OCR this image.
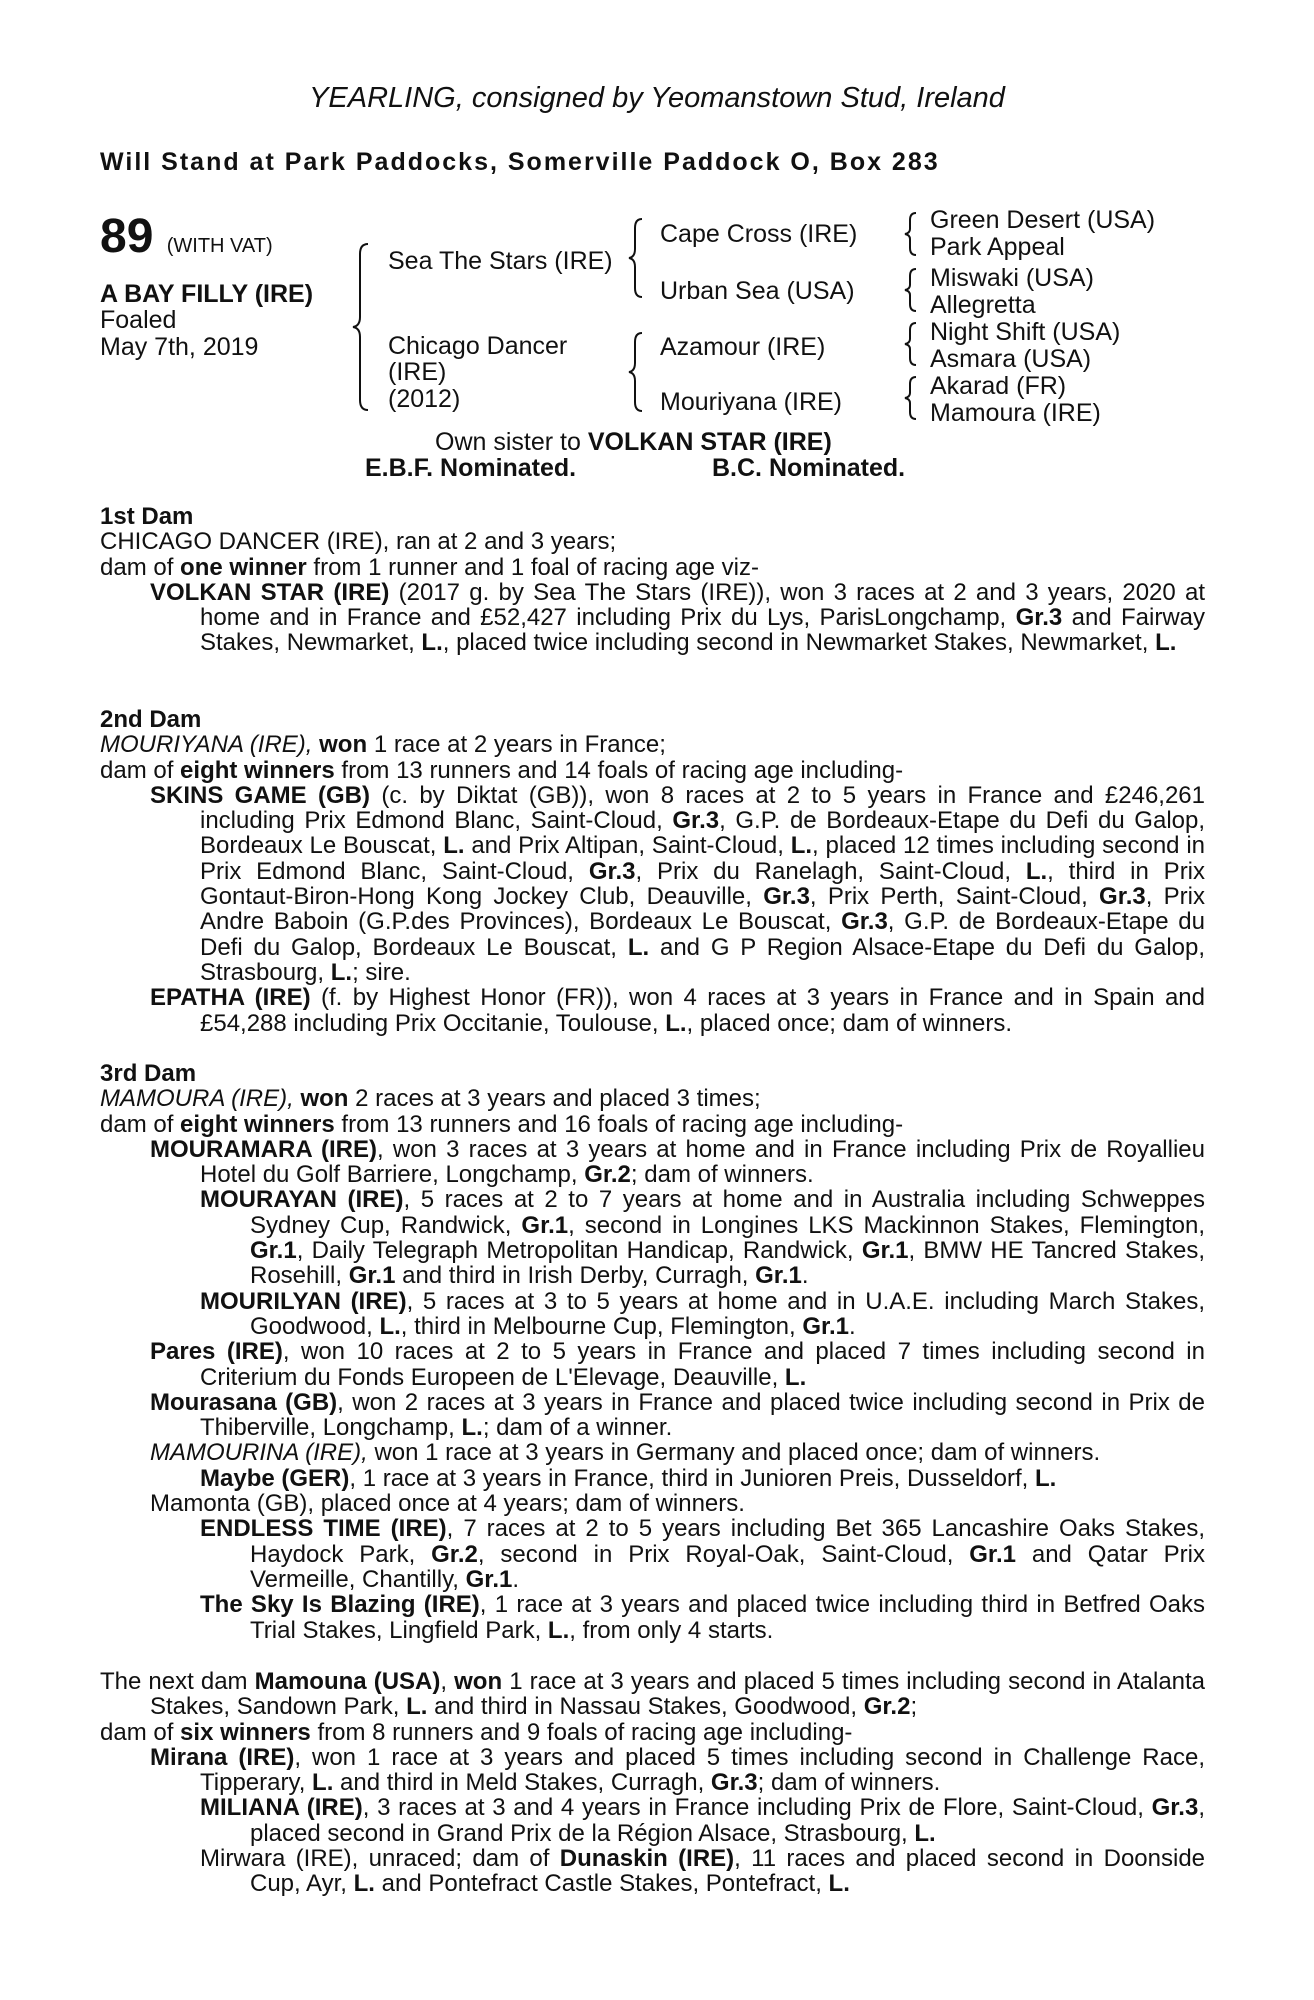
YEARLING, consigned by Yeomanstown Stud, Ireland
Will Stand at Park Paddocks, Somerville Paddock O, Box 283
89 (WITH VAT)
A BAY FILLY (IRE)
Foaled
May 7th, 2019
Sea The Stars (IRE)
Chicago Dancer
(IRE)
(2012)
Cape Cross (IRE)
Urban Sea (USA)
Azamour (IRE)
Mouriyana (IRE)
Green Desert (USA)
Park Appeal
Miswaki (USA)
Allegretta
Night Shift (USA)
Asmara (USA)
Akarad (FR)
Mamoura (IRE)
Own sister to VOLKAN STAR (IRE)
E.B.F. Nominated.	B.C. Nominated.
1st Dam
CHICAGO DANCER (IRE), ran at 2 and 3 years;
dam of one winner from 1 runner and 1 foal of racing age viz-
VOLKAN STAR (IRE) (2017 g. by Sea The Stars (IRE)), won 3 races at 2 and 3 years, 2020 at home and in France and £52,427 including Prix du Lys, ParisLongchamp, Gr.3 and Fairway Stakes, Newmarket, L., placed twice including second in Newmarket Stakes, Newmarket, L.
2nd Dam
MOURIYANA (IRE), won 1 race at 2 years in France;
dam of eight winners from 13 runners and 14 foals of racing age including-
SKINS GAME (GB) (c. by Diktat (GB)), won 8 races at 2 to 5 years in France and £246,261 including Prix Edmond Blanc, Saint-Cloud, Gr.3, G.P. de Bordeaux-Etape du Defi du Galop, Bordeaux Le Bouscat, L. and Prix Altipan, Saint-Cloud, L., placed 12 times including second in Prix Edmond Blanc, Saint-Cloud, Gr.3, Prix du Ranelagh, Saint-Cloud, L., third in Prix Gontaut-Biron-Hong Kong Jockey Club, Deauville, Gr.3, Prix Perth, Saint-Cloud, Gr.3, Prix Andre Baboin (G.P.des Provinces), Bordeaux Le Bouscat, Gr.3, G.P. de Bordeaux-Etape du Defi du Galop, Bordeaux Le Bouscat, L. and G P Region Alsace-Etape du Defi du Galop, Strasbourg, L.; sire.
EPATHA (IRE) (f. by Highest Honor (FR)), won 4 races at 3 years in France and in Spain and £54,288 including Prix Occitanie, Toulouse, L., placed once; dam of winners.
3rd Dam
MAMOURA (IRE), won 2 races at 3 years and placed 3 times;
dam of eight winners from 13 runners and 16 foals of racing age including-
MOURAMARA (IRE), won 3 races at 3 years at home and in France including Prix de Royallieu Hotel du Golf Barriere, Longchamp, Gr.2; dam of winners.
MOURAYAN (IRE), 5 races at 2 to 7 years at home and in Australia including Schweppes Sydney Cup, Randwick, Gr.1, second in Longines LKS Mackinnon Stakes, Flemington, Gr.1, Daily Telegraph Metropolitan Handicap, Randwick, Gr.1, BMW HE Tancred Stakes, Rosehill, Gr.1 and third in Irish Derby, Curragh, Gr.1.
MOURILYAN (IRE), 5 races at 3 to 5 years at home and in U.A.E. including March Stakes, Goodwood, L., third in Melbourne Cup, Flemington, Gr.1.
Pares (IRE), won 10 races at 2 to 5 years in France and placed 7 times including second in Criterium du Fonds Europeen de L'Elevage, Deauville, L.
Mourasana (GB), won 2 races at 3 years in France and placed twice including second in Prix de Thiberville, Longchamp, L.; dam of a winner.
MAMOURINA (IRE), won 1 race at 3 years in Germany and placed once; dam of winners.
Maybe (GER), 1 race at 3 years in France, third in Junioren Preis, Dusseldorf, L.
Mamonta (GB), placed once at 4 years; dam of winners.
ENDLESS TIME (IRE), 7 races at 2 to 5 years including Bet 365 Lancashire Oaks Stakes, Haydock Park, Gr.2, second in Prix Royal-Oak, Saint-Cloud, Gr.1 and Qatar Prix Vermeille, Chantilly, Gr.1.
The Sky Is Blazing (IRE), 1 race at 3 years and placed twice including third in Betfred Oaks Trial Stakes, Lingfield Park, L., from only 4 starts.
The next dam Mamouna (USA), won 1 race at 3 years and placed 5 times including second in Atalanta Stakes, Sandown Park, L. and third in Nassau Stakes, Goodwood, Gr.2;
dam of six winners from 8 runners and 9 foals of racing age including-
Mirana (IRE), won 1 race at 3 years and placed 5 times including second in Challenge Race, Tipperary, L. and third in Meld Stakes, Curragh, Gr.3; dam of winners.
MILIANA (IRE), 3 races at 3 and 4 years in France including Prix de Flore, Saint-Cloud, Gr.3, placed second in Grand Prix de la Région Alsace, Strasbourg, L.
Mirwara (IRE), unraced; dam of Dunaskin (IRE), 11 races and placed second in Doonside Cup, Ayr, L. and Pontefract Castle Stakes, Pontefract, L.
